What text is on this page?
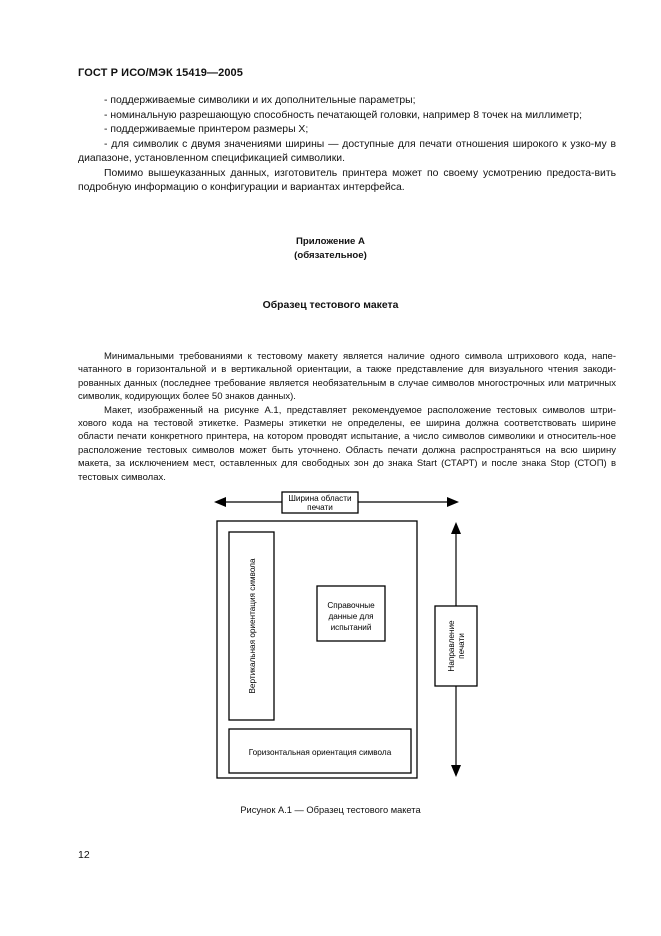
ГОСТ Р ИСО/МЭК 15419—2005

- поддерживаемые символики и их дополнительные параметры;

- номинальную разрешающую способность печатающей головки, например 8 точек на миллиметр;

- поддерживаемые принтером размеры X;

- для символик с двумя значениями ширины — доступные для печати отношения широкого к узко-му в диапазоне, установленном спецификацией символики.

Помимо вышеуказанных данных, изготовитель принтера может по своему усмотрению предоста-вить подробную информацию о конфигурации и вариантах интерфейса.

Приложение А
(обязательное)
Образец тестового макета

Минимальными требованиями к тестовому макету является наличие одного символа штрихового кода, напе-чатанного в горизонтальной и в вертикальной ориентации, а также представление для визуального чтения закоди-рованных данных (последнее требование является необязательным в случае символов многострочных или матричных символик, кодирующих более 50 знаков данных).

Макет, изображенный на рисунке А.1, представляет рекомендуемое расположение тестовых символов штри-хового кода на тестовой этикетке. Размеры этикетки не определены, ее ширина должна соответствовать ширине области печати конкретного принтера, на котором проводят испытание, а число символов символики и относитель-ное расположение тестовых символов может быть уточнено. Область печати должна распространяться на всю ширину макета, за исключением мест, оставленных для свободных зон до знака Start (СТАРТ) и после знака Stop (СТОП) в тестовых символах.

Ширина области
печати
Вертикальная ориентация символа	Справочные
данные для
испытаний
Горизонтальная ориентация символа
Направление печати
Рисунок А.1 — Образец тестового макета
12
